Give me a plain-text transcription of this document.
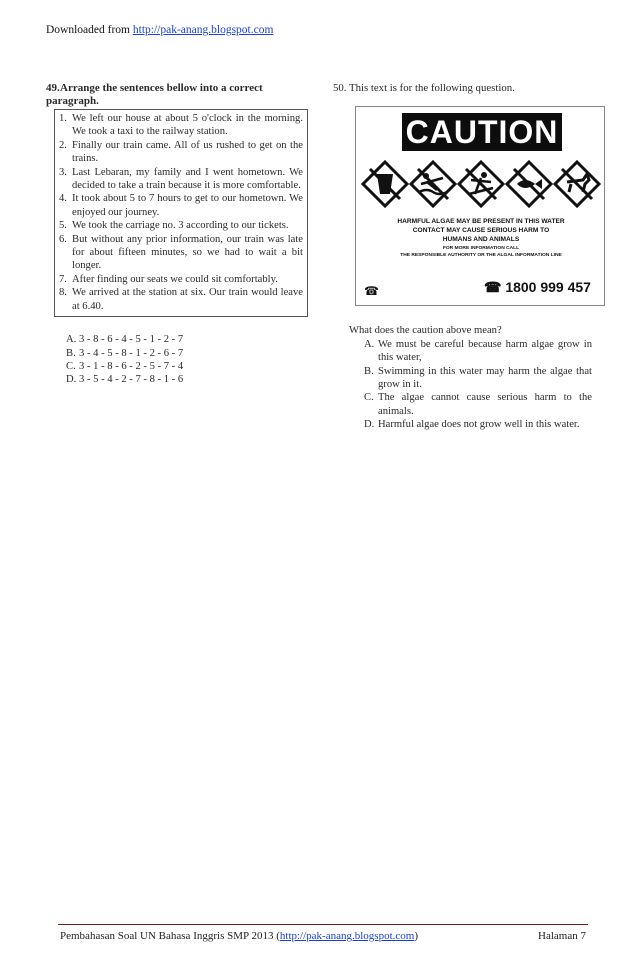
Downloaded from http://pak-anang.blogspot.com
49.Arrange the sentences bellow into a correct paragraph.
1. We left our house at about 5 o'clock in the morning. We took a taxi to the railway station.
2. Finally our train came. All of us rushed to get on the trains.
3. Last Lebaran, my family and I went hometown. We decided to take a train because it is more comfortable.
4. It took about 5 to 7 hours to get to our hometown. We enjoyed our journey.
5. We took the carriage no. 3 according to our tickets.
6. But without any prior information, our train was late for about fifteen minutes, so we had to wait a bit longer.
7. After finding our seats we could sit comfortably.
8. We arrived at the station at six. Our train would leave at 6.40.
A. 3 - 8 - 6 - 4 - 5 - 1 - 2 - 7
B. 3 - 4 - 5 - 8 - 1 - 2 - 6 - 7
C. 3 - 1 - 8 - 6 - 2 - 5 - 7 - 4
D. 3 - 5 - 4 - 2 - 7 - 8 - 1 - 6
50. This text is for the following question.
CAUTION
HARMFUL ALGAE MAY BE PRESENT IN THIS WATER
CONTACT MAY CAUSE SERIOUS HARM TO
HUMANS AND ANIMALS
FOR MORE INFORMATION CALL
THE RESPONSIBLE AUTHORITY OR THE ALGAL INFORMATION LINE
☎	☎ 1800 999 457
What does the caution above mean?
A. We must be careful because harm algae grow in this water,
B. Swimming in this water may harm the algae that grow in it.
C. The algae cannot cause serious harm to the animals.
D. Harmful algae does not grow well in this water.
Pembahasan Soal UN Bahasa Inggris SMP 2013 (http://pak-anang.blogspot.com)	Halaman 7
